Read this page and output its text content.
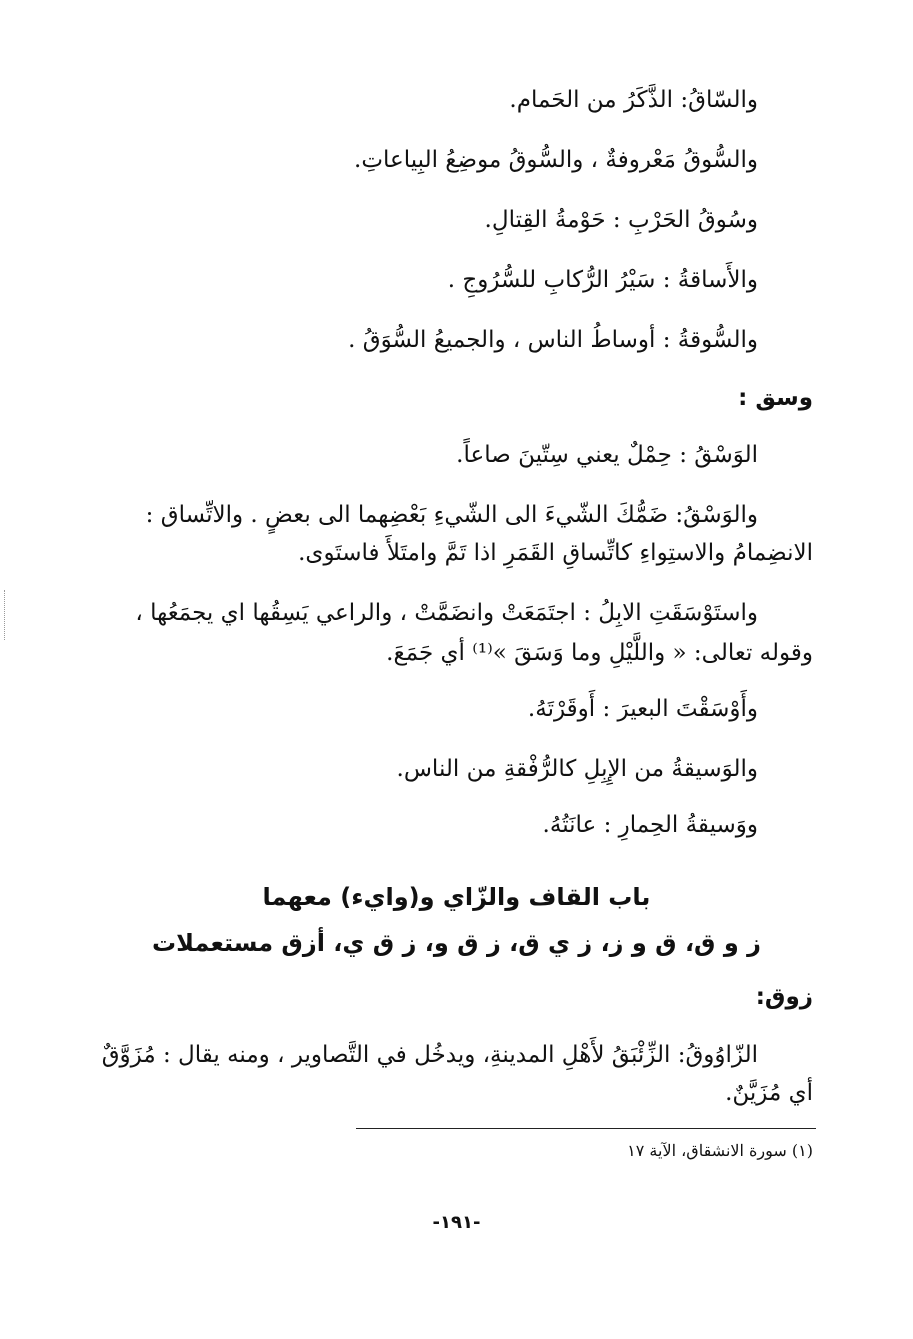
والسّاقُ: الذَّكَرُ من الحَمام.
والسُّوقُ مَعْروفةٌ ، والسُّوقُ موضِعُ البِياعاتِ.
وسُوقُ الحَرْبِ : حَوْمةُ القِتالِ.
والأَساقةُ : سَيْرُ الرُّكابِ للسُّرُوجِ .
والسُّوقةُ : أوساطُ الناس ، والجميعُ السُّوَقُ .
وسق :
الوَسْقُ : حِمْلٌ يعني سِتّينَ صاعاً.
والوَسْقُ: ضَمُّكَ الشّيءَ الى الشّيءِ بَعْضِهما الى بعضٍ . والاتِّساق :
الانضِمامُ والاستِواءِ كاتِّساقِ القَمَرِ اذا تَمَّ وامتَلأَ فاستَوى.
واستَوْسَقَتِ الابِلُ : اجتَمَعَتْ وانضَمَّتْ ، والراعي يَسِقُها اي يجمَعُها ،
وقوله تعالى: « واللَّيْلِ وما وَسَقَ »⁽¹⁾ أي جَمَعَ.
وأَوْسَقْتَ البعيرَ : أَوقَرْتَهُ.
والوَسيقةُ من الإِبِلِ كالرُّفْقةِ من الناس.
ووَسيقةُ الحِمارِ : عانَتُهُ.
باب القاف والزّاي و(وايء) معهما
ز و ق، ق و ز، ز ي ق، ز ق و، ز ق ي، أزق مستعملات
زوق:
الزّاوُوقُ: الزِّئْبَقُ لأَهْلِ المدينةِ، ويدخُل في التَّصاوير ، ومنه يقال : مُزَوَّقٌ
أي مُزَيَّنٌ.
(١) سورة الانشقاق، الآية ١٧
-١٩١-
